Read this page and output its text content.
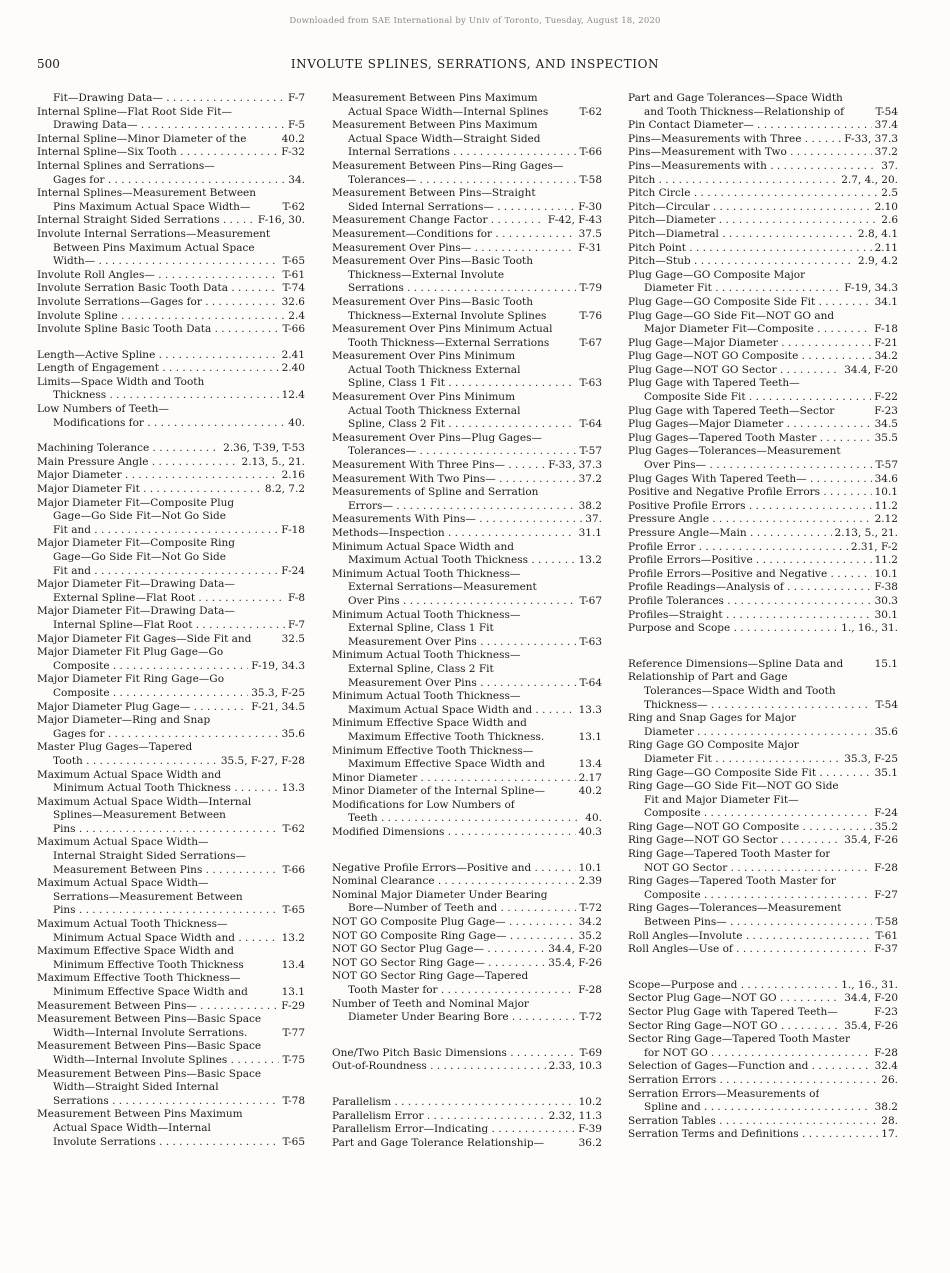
Downloaded from SAE International by Univ of Toronto, Tuesday, August 18, 2020
500	INVOLUTE SPLINES, SERRATIONS, AND INSPECTION
Fit—Drawing Data— . . .	F-7
Internal Spline—Flat Root Side Fit—
Drawing Data— . . .	F-5
Internal Spline—Minor Diameter of the	40.2
Internal Spline—Six Tooth . . .	F-32
Internal Splines and Serrations—
Gages for . . .	34.
Internal Splines—Measurement Between
Pins Maximum Actual Space Width—	T-62
Internal Straight Sided Serrations . . .	F-16, 30.
Involute Internal Serrations—Measurement
Between Pins Maximum Actual Space
Width— . . .	T-65
Involute Roll Angles— . . .	T-61
Involute Serration Basic Tooth Data . . .	T-74
Involute Serrations—Gages for . . .	32.6
Involute Spline . . .	2.4
Involute Spline Basic Tooth Data . . .	T-66
Length—Active Spline . . .	2.41
Length of Engagement . . .	2.40
Limits—Space Width and Tooth
Thickness . . .	12.4
Low Numbers of Teeth—
Modifications for . . .	40.
Machining Tolerance . . .	2.36, T-39, T-53
Main Pressure Angle . . .	2.13, 5., 21.
Major Diameter . . .	2.16
Major Diameter Fit . . .	8.2, 7.2
Major Diameter Fit—Composite Plug
Gage—Go Side Fit—Not Go Side
Fit and . . .	F-18
Major Diameter Fit—Composite Ring
Gage—Go Side Fit—Not Go Side
Fit and . . .	F-24
Major Diameter Fit—Drawing Data—
External Spline—Flat Root . . .	F-8
Major Diameter Fit—Drawing Data—
Internal Spline—Flat Root . . .	F-7
Major Diameter Fit Gages—Side Fit and	32.5
Major Diameter Fit Plug Gage—Go
Composite . . .	F-19, 34.3
Major Diameter Fit Ring Gage—Go
Composite . . .	35.3, F-25
Major Diameter Plug Gage— . . .	F-21, 34.5
Major Diameter—Ring and Snap
Gages for . . .	35.6
Master Plug Gages—Tapered
Tooth . . .	35.5, F-27, F-28
Maximum Actual Space Width and
Minimum Actual Tooth Thickness . . .	13.3
Maximum Actual Space Width—Internal
Splines—Measurement Between
Pins . . .	T-62
Maximum Actual Space Width—
Internal Straight Sided Serrations—
Measurement Between Pins . . .	T-66
Maximum Actual Space Width—
Serrations—Measurement Between
Pins . . .	T-65
Maximum Actual Tooth Thickness—
Minimum Actual Space Width and . . .	13.2
Maximum Effective Space Width and
Minimum Effective Tooth Thickness	13.4
Maximum Effective Tooth Thickness—
Minimum Effective Space Width and	13.1
Measurement Between Pins— . . .	F-29
Measurement Between Pins—Basic Space
Width—Internal Involute Serrations.	T-77
Measurement Between Pins—Basic Space
Width—Internal Involute Splines . . .	T-75
Measurement Between Pins—Basic Space
Width—Straight Sided Internal
Serrations . . .	T-78
Measurement Between Pins Maximum
Actual Space Width—Internal
Involute Serrations . . .	T-65
Measurement Between Pins Maximum
Actual Space Width—Internal Splines	T-62
Measurement Between Pins Maximum
Actual Space Width—Straight Sided
Internal Serrations . . .	T-66
Measurement Between Pins—Ring Gages—
Tolerances— . . .	T-58
Measurement Between Pins—Straight
Sided Internal Serrations— . . .	F-30
Measurement Change Factor . . .	F-42, F-43
Measurement—Conditions for . . .	37.5
Measurement Over Pins— . . .	F-31
Measurement Over Pins—Basic Tooth
Thickness—External Involute
Serrations . . .	T-79
Measurement Over Pins—Basic Tooth
Thickness—External Involute Splines	T-76
Measurement Over Pins Minimum Actual
Tooth Thickness—External Serrations	T-67
Measurement Over Pins Minimum
Actual Tooth Thickness External
Spline, Class 1 Fit . . .	T-63
Measurement Over Pins Minimum
Actual Tooth Thickness External
Spline, Class 2 Fit . . .	T-64
Measurement Over Pins—Plug Gages—
Tolerances— . . .	T-57
Measurement With Three Pins— . . .	F-33, 37.3
Measurement With Two Pins— . . .	37.2
Measurements of Spline and Serration
Errors— . . .	38.2
Measurements With Pins— . . .	37.
Methods—Inspection . . .	31.1
Minimum Actual Space Width and
Maximum Actual Tooth Thickness . . .	13.2
Minimum Actual Tooth Thickness—
External Serrations—Measurement
Over Pins . . .	T-67
Minimum Actual Tooth Thickness—
External Spline, Class 1 Fit
Measurement Over Pins . . .	T-63
Minimum Actual Tooth Thickness—
External Spline, Class 2 Fit
Measurement Over Pins . . .	T-64
Minimum Actual Tooth Thickness—
Maximum Actual Space Width and . . .	13.3
Minimum Effective Space Width and
Maximum Effective Tooth Thickness.	13.1
Minimum Effective Tooth Thickness—
Maximum Effective Space Width and	13.4
Minor Diameter . . .	2.17
Minor Diameter of the Internal Spline—	40.2
Modifications for Low Numbers of
Teeth . . .	40.
Modified Dimensions . . .	40.3
Negative Profile Errors—Positive and . . .	10.1
Nominal Clearance . . .	2.39
Nominal Major Diameter Under Bearing
Bore—Number of Teeth and . . .	T-72
NOT GO Composite Plug Gage— . . .	34.2
NOT GO Composite Ring Gage— . . .	35.2
NOT GO Sector Plug Gage— . . .	34.4, F-20
NOT GO Sector Ring Gage— . . .	35.4, F-26
NOT GO Sector Ring Gage—Tapered
Tooth Master for . . .	F-28
Number of Teeth and Nominal Major
Diameter Under Bearing Bore . . .	T-72
One/Two Pitch Basic Dimensions . . .	T-69
Out-of-Roundness . . .	2.33, 10.3
Parallelism . . .	10.2
Parallelism Error . . .	2.32, 11.3
Parallelism Error—Indicating . . .	F-39
Part and Gage Tolerance Relationship—	36.2
Part and Gage Tolerances—Space Width
and Tooth Thickness—Relationship of	T-54
Pin Contact Diameter— . . .	37.4
Pins—Measurements with Three . . .	F-33, 37.3
Pins—Measurement with Two . . .	37.2
Pins—Measurements with . . .	37.
Pitch . . .	2.7, 4., 20.
Pitch Circle . . .	2.5
Pitch—Circular . . .	2.10
Pitch—Diameter . . .	2.6
Pitch—Diametral . . .	2.8, 4.1
Pitch Point . . .	2.11
Pitch—Stub . . .	2.9, 4.2
Plug Gage—GO Composite Major
Diameter Fit . . .	F-19, 34.3
Plug Gage—GO Composite Side Fit . . .	34.1
Plug Gage—GO Side Fit—NOT GO and
Major Diameter Fit—Composite . . .	F-18
Plug Gage—Major Diameter . . .	F-21
Plug Gage—NOT GO Composite . . .	34.2
Plug Gage—NOT GO Sector . . .	34.4, F-20
Plug Gage with Tapered Teeth—
Composite Side Fit . . .	F-22
Plug Gage with Tapered Teeth—Sector	F-23
Plug Gages—Major Diameter . . .	34.5
Plug Gages—Tapered Tooth Master . . .	35.5
Plug Gages—Tolerances—Measurement
Over Pins— . . .	T-57
Plug Gages With Tapered Teeth— . . .	34.6
Positive and Negative Profile Errors . . .	10.1
Positive Profile Errors . . .	11.2
Pressure Angle . . .	2.12
Pressure Angle—Main . . .	2.13, 5., 21.
Profile Error . . .	2.31, F-2
Profile Errors—Positive . . .	11.2
Profile Errors—Positive and Negative . . .	10.1
Profile Readings—Analysis of . . .	F-38
Profile Tolerances . . .	30.3
Profiles—Straight . . .	30.1
Purpose and Scope . . .	1., 16., 31.
Reference Dimensions—Spline Data and	15.1
Relationship of Part and Gage
Tolerances—Space Width and Tooth
Thickness— . . .	T-54
Ring and Snap Gages for Major
Diameter . . .	35.6
Ring Gage GO Composite Major
Diameter Fit . . .	35.3, F-25
Ring Gage—GO Composite Side Fit . . .	35.1
Ring Gage—GO Side Fit—NOT GO Side
Fit and Major Diameter Fit—
Composite . . .	F-24
Ring Gage—NOT GO Composite . . .	35.2
Ring Gage—NOT GO Sector . . .	35.4, F-26
Ring Gage—Tapered Tooth Master for
NOT GO Sector . . .	F-28
Ring Gages—Tapered Tooth Master for
Composite . . .	F-27
Ring Gages—Tolerances—Measurement
Between Pins— . . .	T-58
Roll Angles—Involute . . .	T-61
Roll Angles—Use of . . .	F-37
Scope—Purpose and . . .	1., 16., 31.
Sector Plug Gage—NOT GO . . .	34.4, F-20
Sector Plug Gage with Tapered Teeth—	F-23
Sector Ring Gage—NOT GO . . .	35.4, F-26
Sector Ring Gage—Tapered Tooth Master
for NOT GO . . .	F-28
Selection of Gages—Function and . . .	32.4
Serration Errors . . .	26.
Serration Errors—Measurements of
Spline and . . .	38.2
Serration Tables . . .	28.
Serration Terms and Definitions . . .	17.
